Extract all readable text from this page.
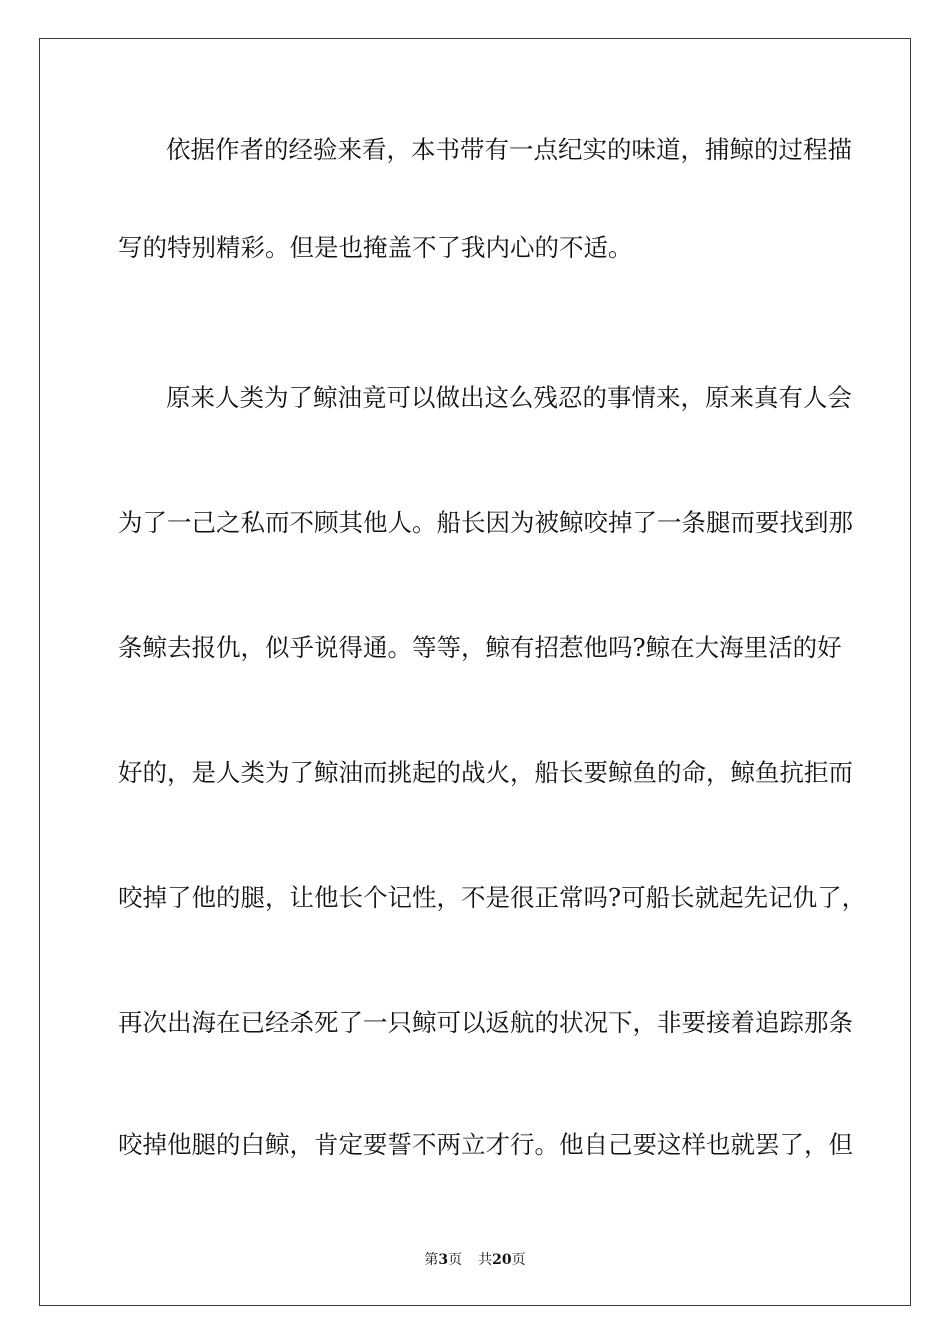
依据作者的经验来看，本书带有一点纪实的味道，捕鲸的过程描
写的特别精彩。但是也掩盖不了我内心的不适。
原来人类为了鲸油竟可以做出这么残忍的事情来，原来真有人会
为了一己之私而不顾其他人。船长因为被鲸咬掉了一条腿而要找到那
条鲸去报仇，似乎说得通。等等，鲸有招惹他吗?鲸在大海里活的好
好的，是人类为了鲸油而挑起的战火，船长要鲸鱼的命，鲸鱼抗拒而
咬掉了他的腿，让他长个记性，不是很正常吗?可船长就起先记仇了，
再次出海在已经杀死了一只鲸可以返航的状况下，非要接着追踪那条
咬掉他腿的白鲸，肯定要誓不两立才行。他自己要这样也就罢了，但
第3页 共20页
